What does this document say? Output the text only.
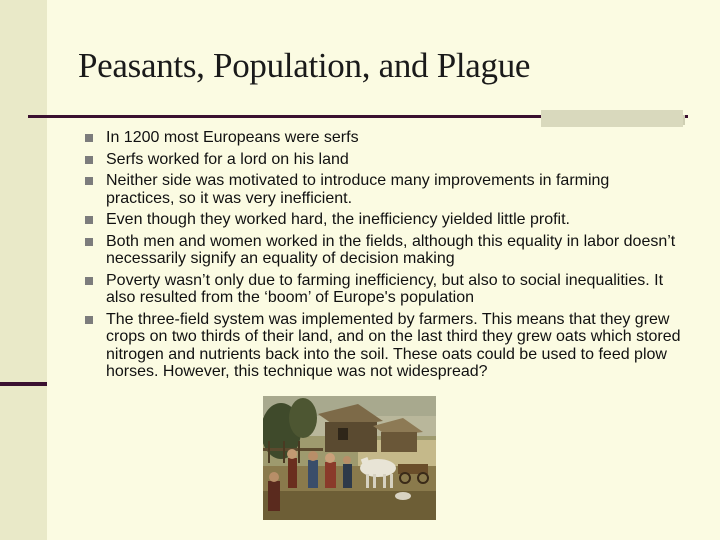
Peasants, Population, and Plague
In 1200 most Europeans were serfs
Serfs worked for a lord on his land
Neither side was motivated to introduce many improvements in farming practices, so it was very inefficient.
Even though they worked hard, the inefficiency yielded little profit.
Both men and women worked in the fields, although this equality in labor doesn’t necessarily signify an equality of decision making
Poverty wasn’t only due to farming inefficiency, but also to social inequalities. It also resulted from the ‘boom’ of Europe's population
The three-field system was implemented by farmers. This means that they grew crops on two thirds of their land, and on the last third they grew oats which stored nitrogen and nutrients back into the soil. These oats could be used to feed plow horses. However, this technique was not widespread?
